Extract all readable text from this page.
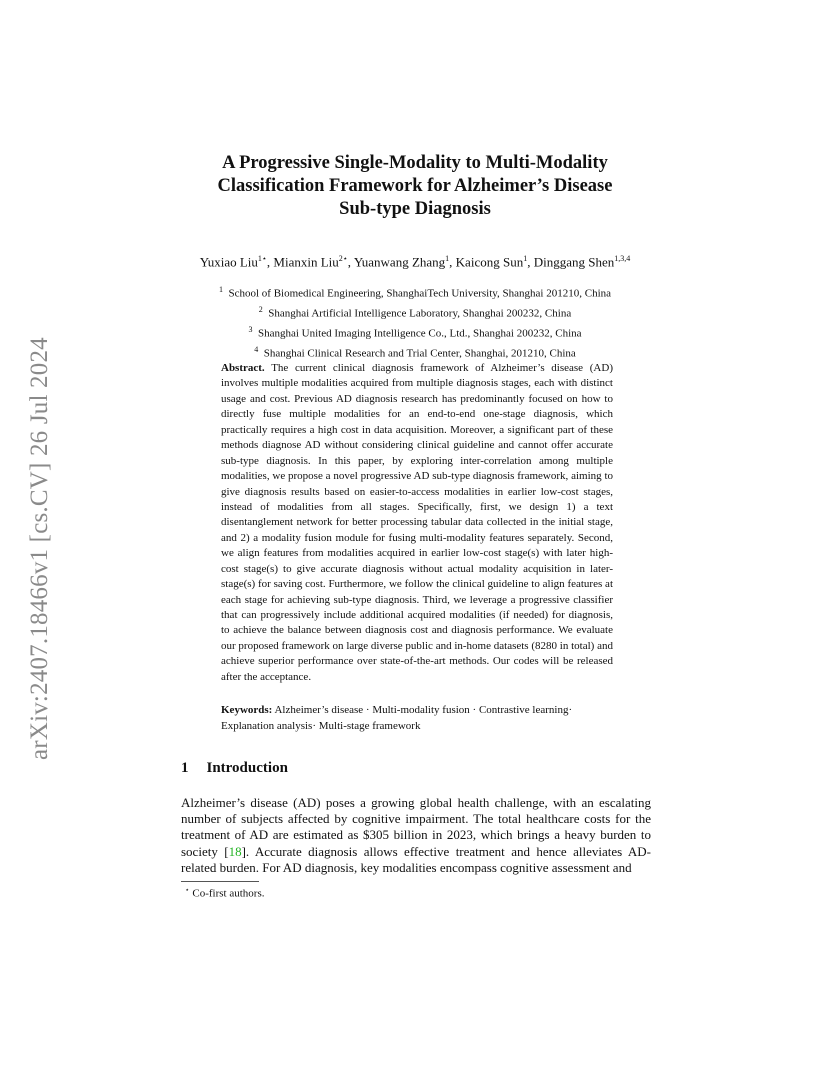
arXiv:2407.18466v1 [cs.CV] 26 Jul 2024
A Progressive Single-Modality to Multi-Modality
Classification Framework for Alzheimer’s Disease
Sub-type Diagnosis
Yuxiao Liu$^{1⋆}$, Mianxin Liu$^{2⋆}$, Yuanwang Zhang$^1$, Kaicong Sun$^1$, Dinggang Shen$^{1,3,4}$
$^1$ School of Biomedical Engineering, ShanghaiTech University, Shanghai 201210, China
$^2$ Shanghai Artificial Intelligence Laboratory, Shanghai 200232, China
$^3$ Shanghai United Imaging Intelligence Co., Ltd., Shanghai 200232, China
$^4$ Shanghai Clinical Research and Trial Center, Shanghai, 201210, China
Abstract. The current clinical diagnosis framework of Alzheimer’s disease (AD) involves multiple modalities acquired from multiple diagnosis stages, each with distinct usage and cost. Previous AD diagnosis research has predominantly focused on how to directly fuse multiple modalities for an end-to-end one-stage diagnosis, which practically requires a high cost in data acquisition. Moreover, a significant part of these methods diagnose AD without considering clinical guideline and cannot offer accurate sub-type diagnosis. In this paper, by exploring inter-correlation among multiple modalities, we propose a novel progressive AD sub-type diagnosis framework, aiming to give diagnosis results based on easier-to-access modalities in earlier low-cost stages, instead of modalities from all stages. Specifically, first, we design 1) a text disentanglement network for better processing tabular data collected in the initial stage, and 2) a modality fusion module for fusing multi-modality features separately. Second, we align features from modalities acquired in earlier low-cost stage(s) with later high-cost stage(s) to give accurate diagnosis without actual modality acquisition in later-stage(s) for saving cost. Furthermore, we follow the clinical guideline to align features at each stage for achieving sub-type diagnosis. Third, we leverage a progressive classifier that can progressively include additional acquired modalities (if needed) for diagnosis, to achieve the balance between diagnosis cost and diagnosis performance. We evaluate our proposed framework on large diverse public and in-home datasets (8280 in total) and achieve superior performance over state-of-the-art methods. Our codes will be released after the acceptance.
Keywords: Alzheimer’s disease · Multi-modality fusion · Contrastive learning· Explanation analysis· Multi-stage framework
1 Introduction
Alzheimer’s disease (AD) poses a growing global health challenge, with an escalating number of subjects affected by cognitive impairment. The total healthcare costs for the treatment of AD are estimated as $305 billion in 2023, which brings a heavy burden to society [18]. Accurate diagnosis allows effective treatment and hence alleviates AD-related burden. For AD diagnosis, key modalities encompass cognitive assessment and
⋆ Co-first authors.
